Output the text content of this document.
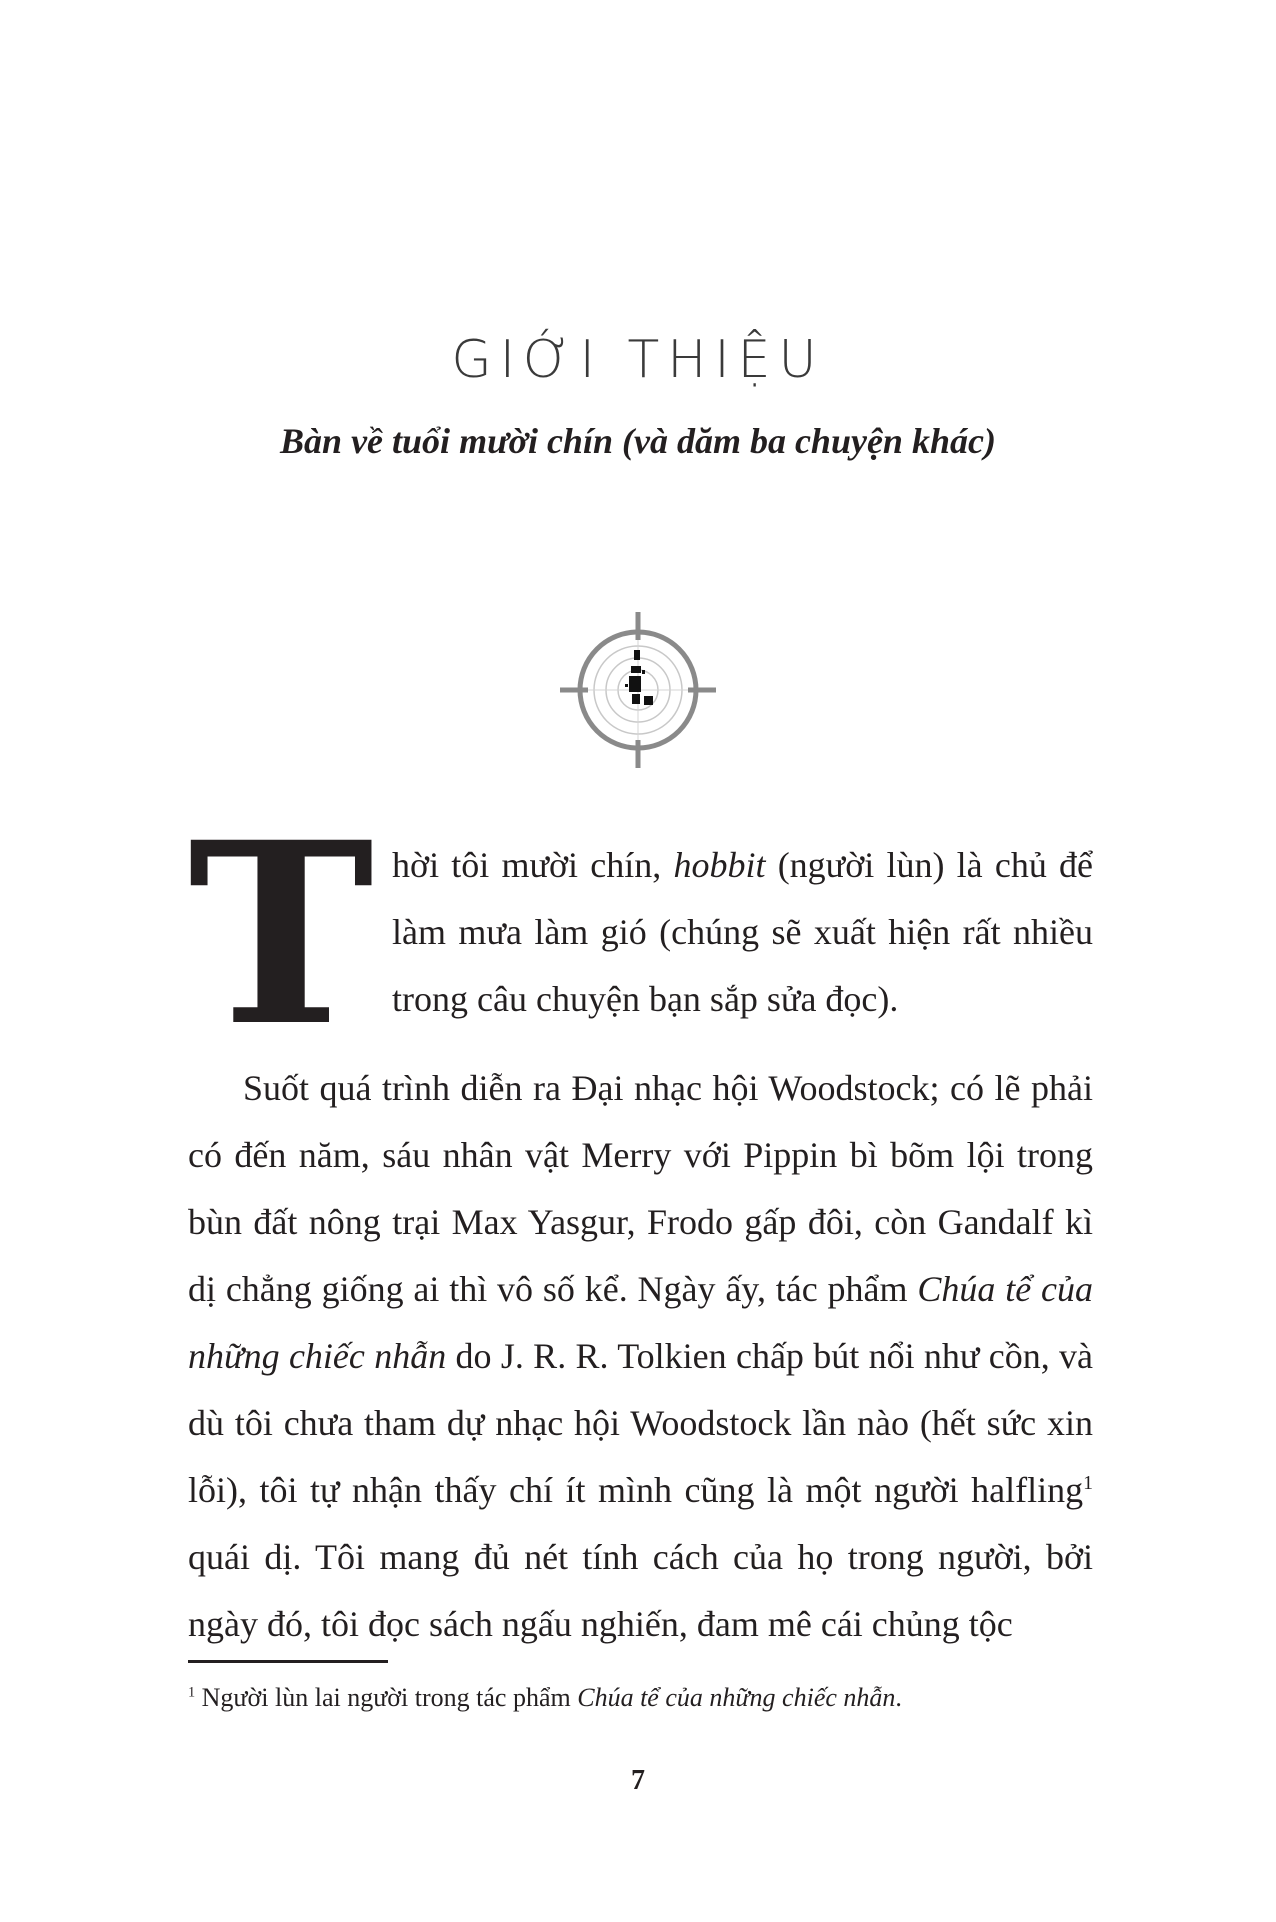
GIỚI THIỆU

Bàn về tuổi mười chín (và dăm ba chuyện khác)

Thời tôi mười chín, hobbit (người lùn) là chủ để làm mưa làm gió (chúng sẽ xuất hiện rất nhiều trong câu chuyện bạn sắp sửa đọc).

Suốt quá trình diễn ra Đại nhạc hội Woodstock; có lẽ phải có đến năm, sáu nhân vật Merry với Pippin bì bõm lội trong bùn đất nông trại Max Yasgur, Frodo gấp đôi, còn Gandalf kì dị chẳng giống ai thì vô số kể. Ngày ấy, tác phẩm Chúa tể của những chiếc nhẫn do J. R. R. Tolkien chấp bút nổi như cồn, và dù tôi chưa tham dự nhạc hội Woodstock lần nào (hết sức xin lỗi), tôi tự nhận thấy chí ít mình cũng là một người halfling$^1$ quái dị. Tôi mang đủ nét tính cách của họ trong người, bởi ngày đó, tôi đọc sách ngấu nghiến, đam mê cái chủng tộc

$^1$ Người lùn lai người trong tác phẩm Chúa tể của những chiếc nhẫn.

7
